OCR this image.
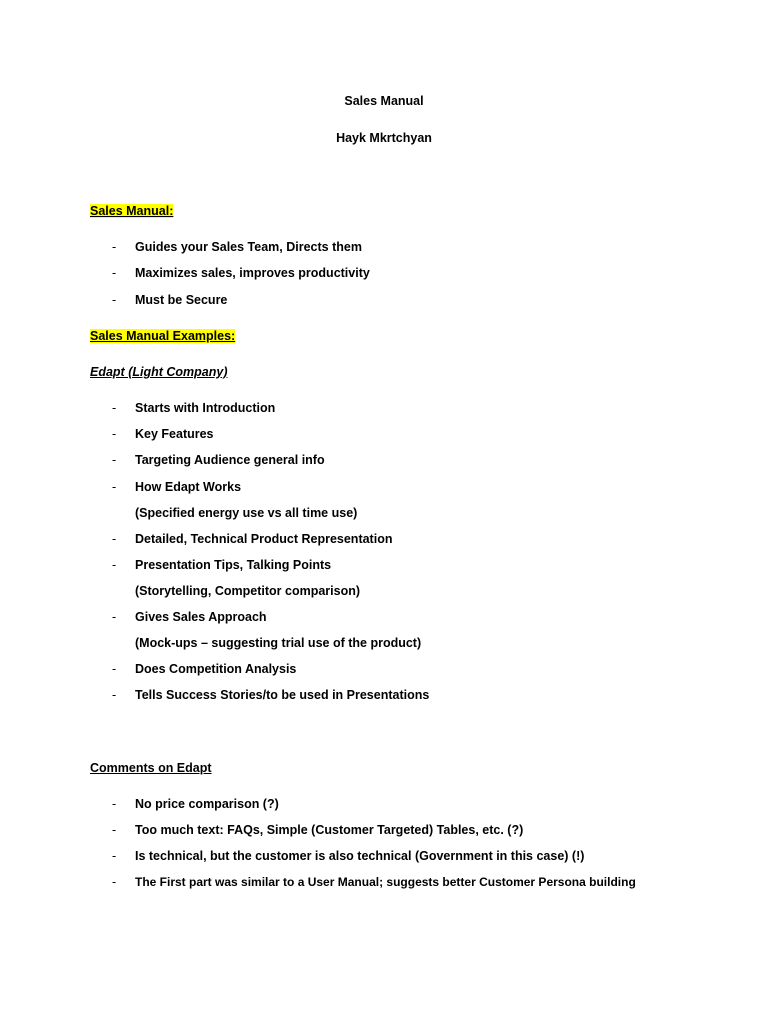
Sales Manual
Hayk Mkrtchyan
Sales Manual:
- Guides your Sales Team, Directs them
- Maximizes sales, improves productivity
- Must be Secure
Sales Manual Examples:
Edapt (Light Company)
- Starts with Introduction
- Key Features
- Targeting Audience general info
- How Edapt Works
(Specified energy use vs all time use)
- Detailed, Technical Product Representation
- Presentation Tips, Talking Points
(Storytelling, Competitor comparison)
- Gives Sales Approach
(Mock-ups – suggesting trial use of the product)
- Does Competition Analysis
- Tells Success Stories/to be used in Presentations
Comments on Edapt
- No price comparison (?)
- Too much text: FAQs, Simple (Customer Targeted) Tables, etc. (?)
- Is technical, but the customer is also technical (Government in this case) (!)
- The First part was similar to a User Manual; suggests better Customer Persona building
